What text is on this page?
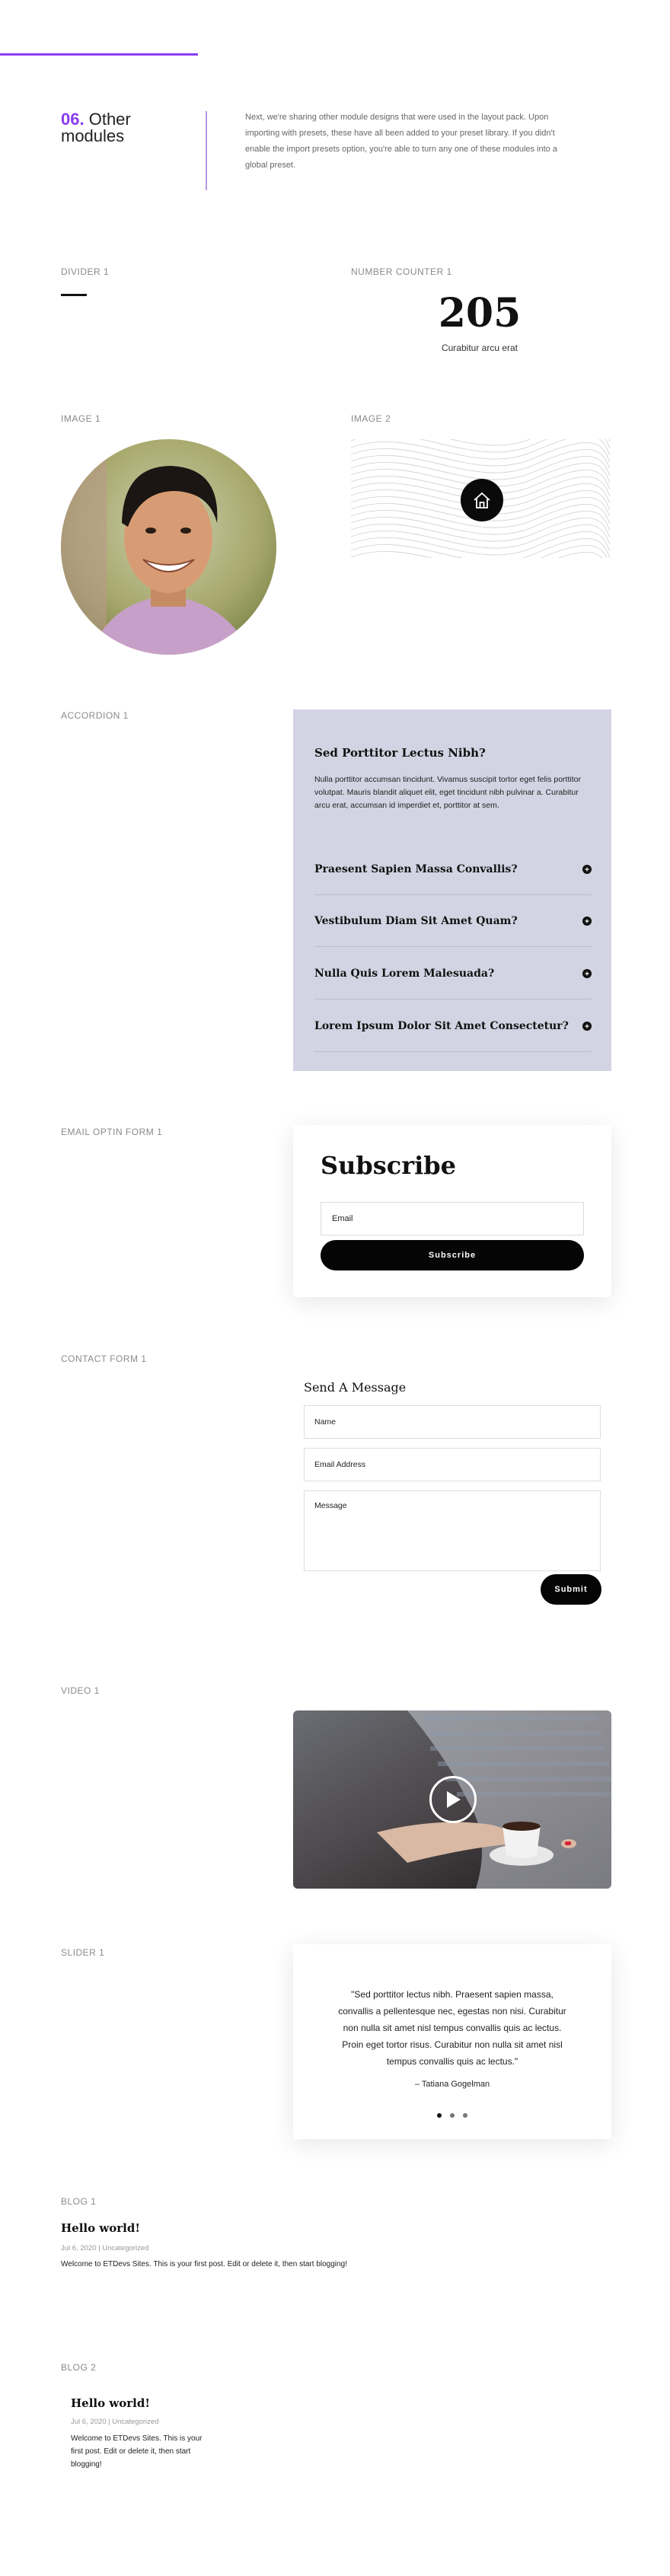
06. Other
modules
Next, we're sharing other module designs that were used in the layout pack. Upon importing with presets, these have all been added to your preset library. If you didn't enable the import presets option, you're able to turn any one of these modules into a global preset.
DIVIDER 1	NUMBER COUNTER 1
205
Curabitur arcu erat
IMAGE 1	IMAGE 2
ACCORDION 1
Sed Porttitor Lectus Nibh?
Nulla porttitor accumsan tincidunt. Vivamus suscipit tortor eget felis porttitor volutpat. Mauris blandit aliquet elit, eget tincidunt nibh pulvinar a. Curabitur arcu erat, accumsan id imperdiet et, porttitor at sem.
Praesent Sapien Massa Convallis?
Vestibulum Diam Sit Amet Quam?
Nulla Quis Lorem Malesuada?
Lorem Ipsum Dolor Sit Amet Consectetur?
EMAIL OPTIN FORM 1
Subscribe
Email
Subscribe
CONTACT FORM 1
Send A Message
Name
Email Address
Message
Submit
VIDEO 1
SLIDER 1
"Sed porttitor lectus nibh. Praesent sapien massa, convallis a pellentesque nec, egestas non nisi. Curabitur non nulla sit amet nisl tempus convallis quis ac lectus. Proin eget tortor risus. Curabitur non nulla sit amet nisl tempus convallis quis ac lectus."
– Tatiana Gogelman
BLOG 1
Hello world!
Jul 6, 2020 | Uncategorized
Welcome to ETDevs Sites. This is your first post. Edit or delete it, then start blogging!
BLOG 2
Hello world!
Jul 6, 2020 | Uncategorized
Welcome to ETDevs Sites. This is your first post. Edit or delete it, then start blogging!
